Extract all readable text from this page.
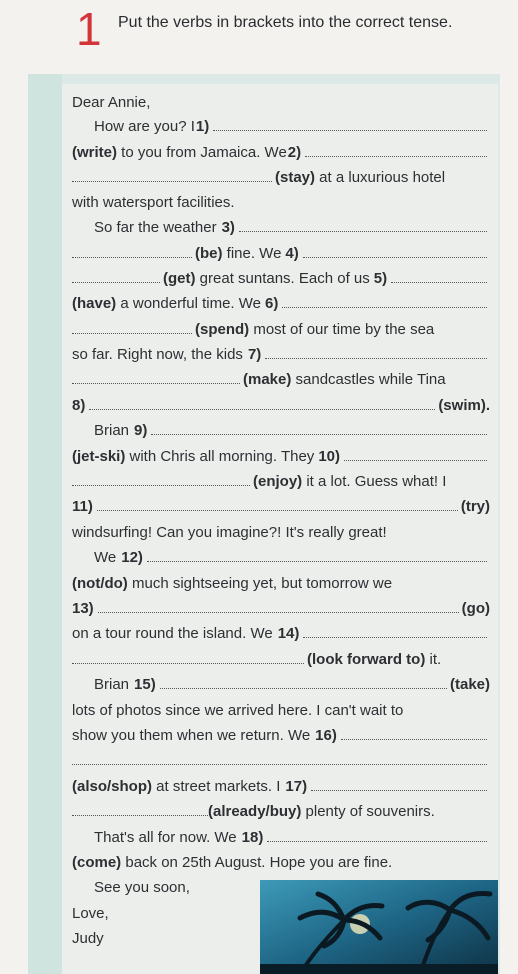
1 Put the verbs in brackets into the correct tense.
Dear Annie,
How are you? I 1)
(write) to you from Jamaica. We 2)
(stay) at a luxurious hotel
with watersport facilities.
So far the weather 3)
(be) fine. We 4)
(get) great suntans. Each of us 5)
(have) a wonderful time. We 6)
(spend) most of our time by the sea
so far. Right now, the kids 7)
(make) sandcastles while Tina
8)	(swim).
Brian 9)
(jet-ski) with Chris all morning. They 10)
(enjoy) it a lot. Guess what! I
11)	(try)
windsurfing! Can you imagine?! It's really great!
We 12)
(not/do) much sightseeing yet, but tomorrow we
13)	(go)
on a tour round the island. We 14)
(look forward to) it.
Brian 15)	(take)
lots of photos since we arrived here. I can't wait to
show you them when we return. We 16)
(also/shop) at street markets. I 17)
(already/buy) plenty of souvenirs.
That's all for now. We 18)
(come) back on 25th August. Hope you are fine.
See you soon,
Love,
Judy
